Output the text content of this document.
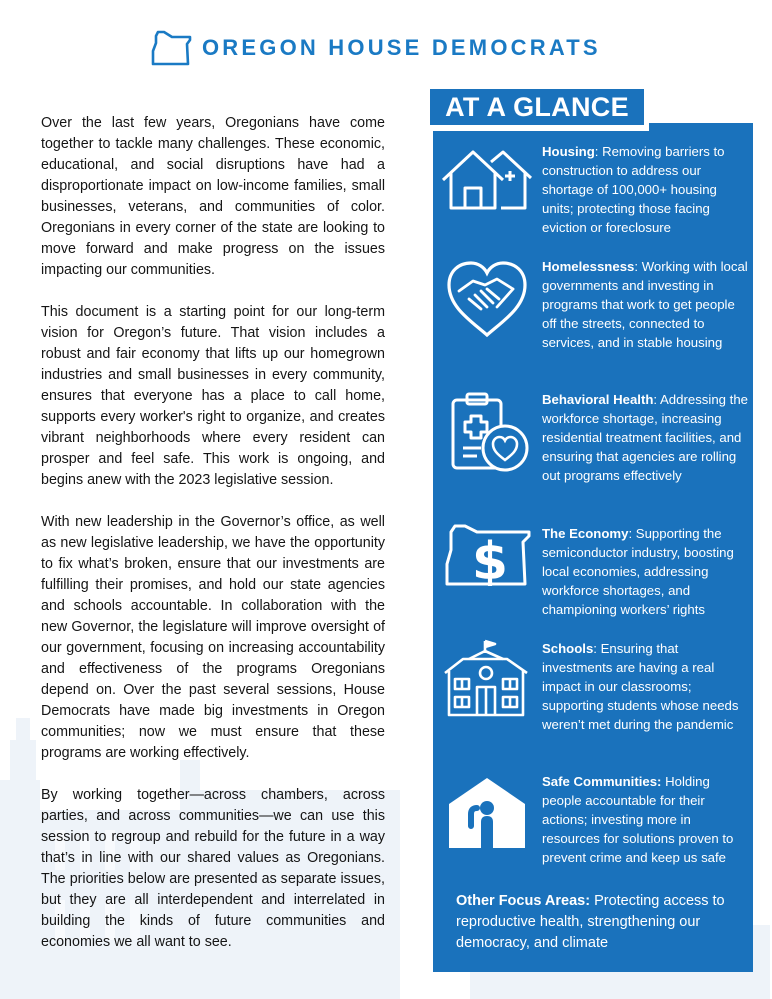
OREGON HOUSE DEMOCRATS

Over the last few years, Oregonians have come together to tackle many challenges. These economic, educational, and social disruptions have had a disproportionate impact on low-income families, small businesses, veterans, and communities of color. Oregonians in every corner of the state are looking to move forward and make progress on the issues impacting our communities.

This document is a starting point for our long-term vision for Oregon’s future. That vision includes a robust and fair economy that lifts up our homegrown industries and small businesses in every community, ensures that everyone has a place to call home, supports every worker's right to organize, and creates vibrant neighborhoods where every resident can prosper and feel safe. This work is ongoing, and begins anew with the 2023 legislative session.

With new leadership in the Governor’s office, as well as new legislative leadership, we have the opportunity to fix what’s broken, ensure that our investments are fulfilling their promises, and hold our state agencies and schools accountable. In collaboration with the new Governor, the legislature will improve oversight of our government, focusing on increasing accountability and effectiveness of the programs Oregonians depend on. Over the past several sessions, House Democrats have made big investments in Oregon communities; now we must ensure that these programs are working effectively.

By working together—across chambers, across parties, and across communities—we can use this session to regroup and rebuild for the future in a way that’s in line with our shared values as Oregonians. The priorities below are presented as separate issues, but they are all interdependent and interrelated in building the kinds of future communities and economies we all want to see.

AT A GLANCE
Housing: Removing barriers to construction to address our shortage of 100,000+ housing units; protecting those facing eviction or foreclosure
Homelessness: Working with local governments and investing in programs that work to get people off the streets, connected to services, and in stable housing
Behavioral Health: Addressing the workforce shortage, increasing residential treatment facilities, and ensuring that agencies are rolling out programs effectively
$	The Economy: Supporting the semiconductor industry, boosting local economies, addressing workforce shortages, and championing workers’ rights
Schools: Ensuring that investments are having a real impact in our classrooms; supporting students whose needs weren’t met during the pandemic
Safe Communities: Holding people accountable for their actions; investing more in resources for solutions proven to prevent crime and keep us safe
Other Focus Areas: Protecting access to reproductive health, strengthening our democracy, and climate
